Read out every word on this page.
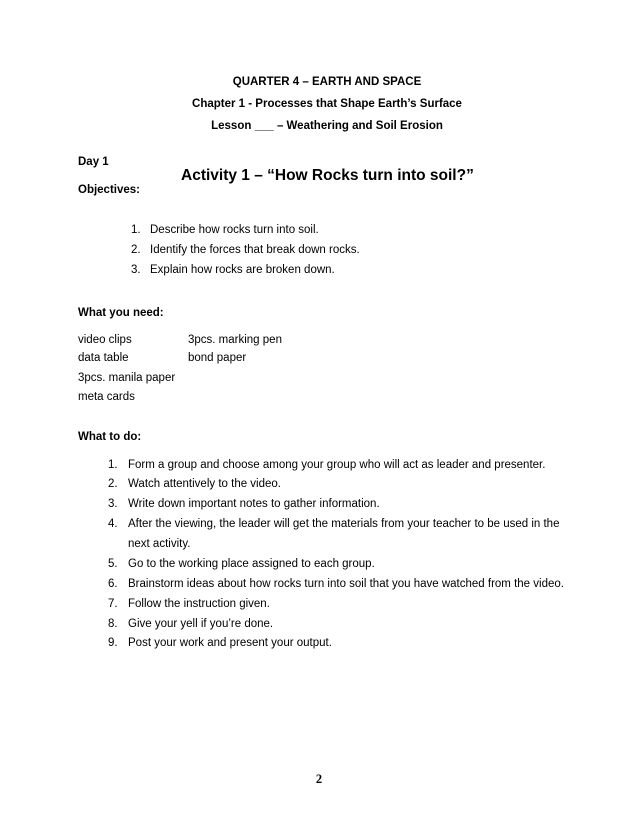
QUARTER 4 – EARTH AND SPACE
Chapter 1 - Processes that Shape Earth’s Surface
Lesson ___ – Weathering and Soil Erosion
Day 1
Activity 1 – “How Rocks turn into soil?”
Objectives:
1. Describe how rocks turn into soil.
2. Identify the forces that break down rocks.
3. Explain how rocks are broken down.
What you need:
video clips	3pcs. marking pen
data table	bond paper
3pcs. manila paper
meta cards
What to do:
1. Form a group and choose among your group who will act as leader and presenter.
2. Watch attentively to the video.
3. Write down important notes to gather information.
4. After the viewing, the leader will get the materials from your teacher to be used in the
next activity.
5. Go to the working place assigned to each group.
6. Brainstorm ideas about how rocks turn into soil that you have watched from the video.
7. Follow the instruction given.
8. Give your yell if you’re done.
9. Post your work and present your output.
2
